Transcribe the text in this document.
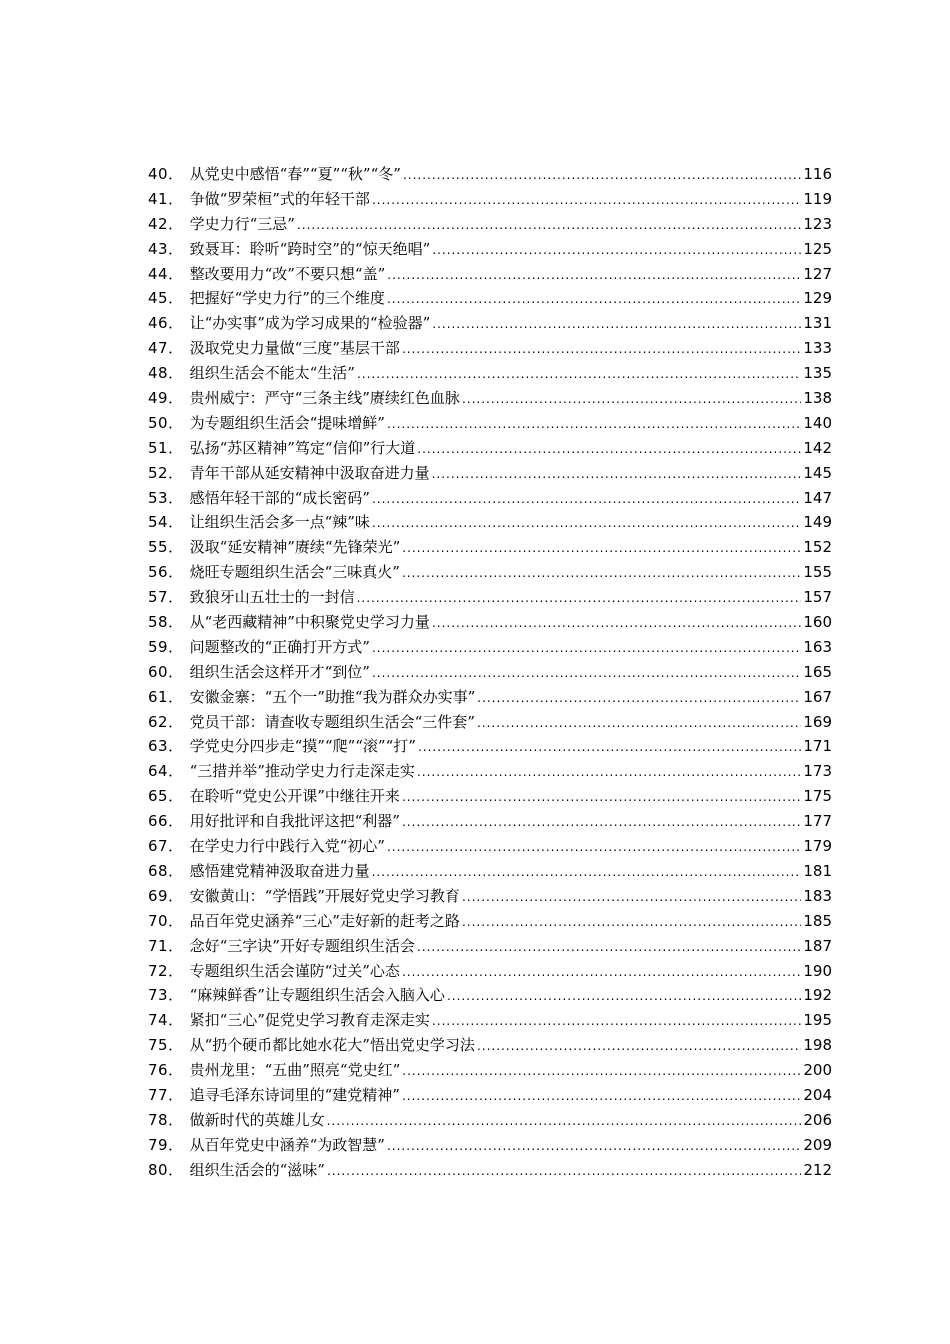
40． 从党史中感悟“春”“夏”“秋”“冬” .....	116
41． 争做“罗荣桓”式的年轻干部 .....	119
42． 学史力行“三忌” .....	123
43． 致聂耳：聆听“跨时空”的“惊天绝唱” .....	125
44． 整改要用力“改”不要只想“盖” .....	127
45． 把握好“学史力行”的三个维度 .....	129
46． 让“办实事”成为学习成果的“检验器” .....	131
47． 汲取党史力量做“三度”基层干部 .....	133
48． 组织生活会不能太“生活” .....	135
49． 贵州威宁：严守“三条主线”赓续红色血脉 .....	138
50． 为专题组织生活会“提味增鲜” .....	140
51． 弘扬“苏区精神”笃定“信仰”行大道 .....	142
52． 青年干部从延安精神中汲取奋进力量 .....	145
53． 感悟年轻干部的“成长密码” .....	147
54． 让组织生活会多一点“辣”味 .....	149
55． 汲取“延安精神”赓续“先锋荣光” .....	152
56． 烧旺专题组织生活会“三味真火” .....	155
57． 致狼牙山五壮士的一封信 .....	157
58． 从“老西藏精神”中积聚党史学习力量 .....	160
59． 问题整改的“正确打开方式” .....	163
60． 组织生活会这样开才“到位” .....	165
61． 安徽金寨：“五个一”助推“我为群众办实事” .....	167
62． 党员干部：请查收专题组织生活会“三件套” .....	169
63． 学党史分四步走“摸”“爬”“滚”“打” .....	171
64． “三措并举”推动学史力行走深走实 .....	173
65． 在聆听“党史公开课”中继往开来 .....	175
66． 用好批评和自我批评这把“利器” .....	177
67． 在学史力行中践行入党“初心” .....	179
68． 感悟建党精神汲取奋进力量 .....	181
69． 安徽黄山：“学悟践”开展好党史学习教育 .....	183
70． 品百年党史涵养“三心”走好新的赶考之路 .....	185
71． 念好“三字诀”开好专题组织生活会 .....	187
72． 专题组织生活会谨防“过关”心态 .....	190
73． “麻辣鲜香”让专题组织生活会入脑入心 .....	192
74． 紧扣“三心”促党史学习教育走深走实 .....	195
75． 从“扔个硬币都比她水花大”悟出党史学习法 .....	198
76． 贵州龙里：“五曲”照亮“党史红” .....	200
77． 追寻毛泽东诗词里的“建党精神” .....	204
78． 做新时代的英雄儿女 .....	206
79． 从百年党史中涵养“为政智慧” .....	209
80． 组织生活会的“滋味” .....	212
